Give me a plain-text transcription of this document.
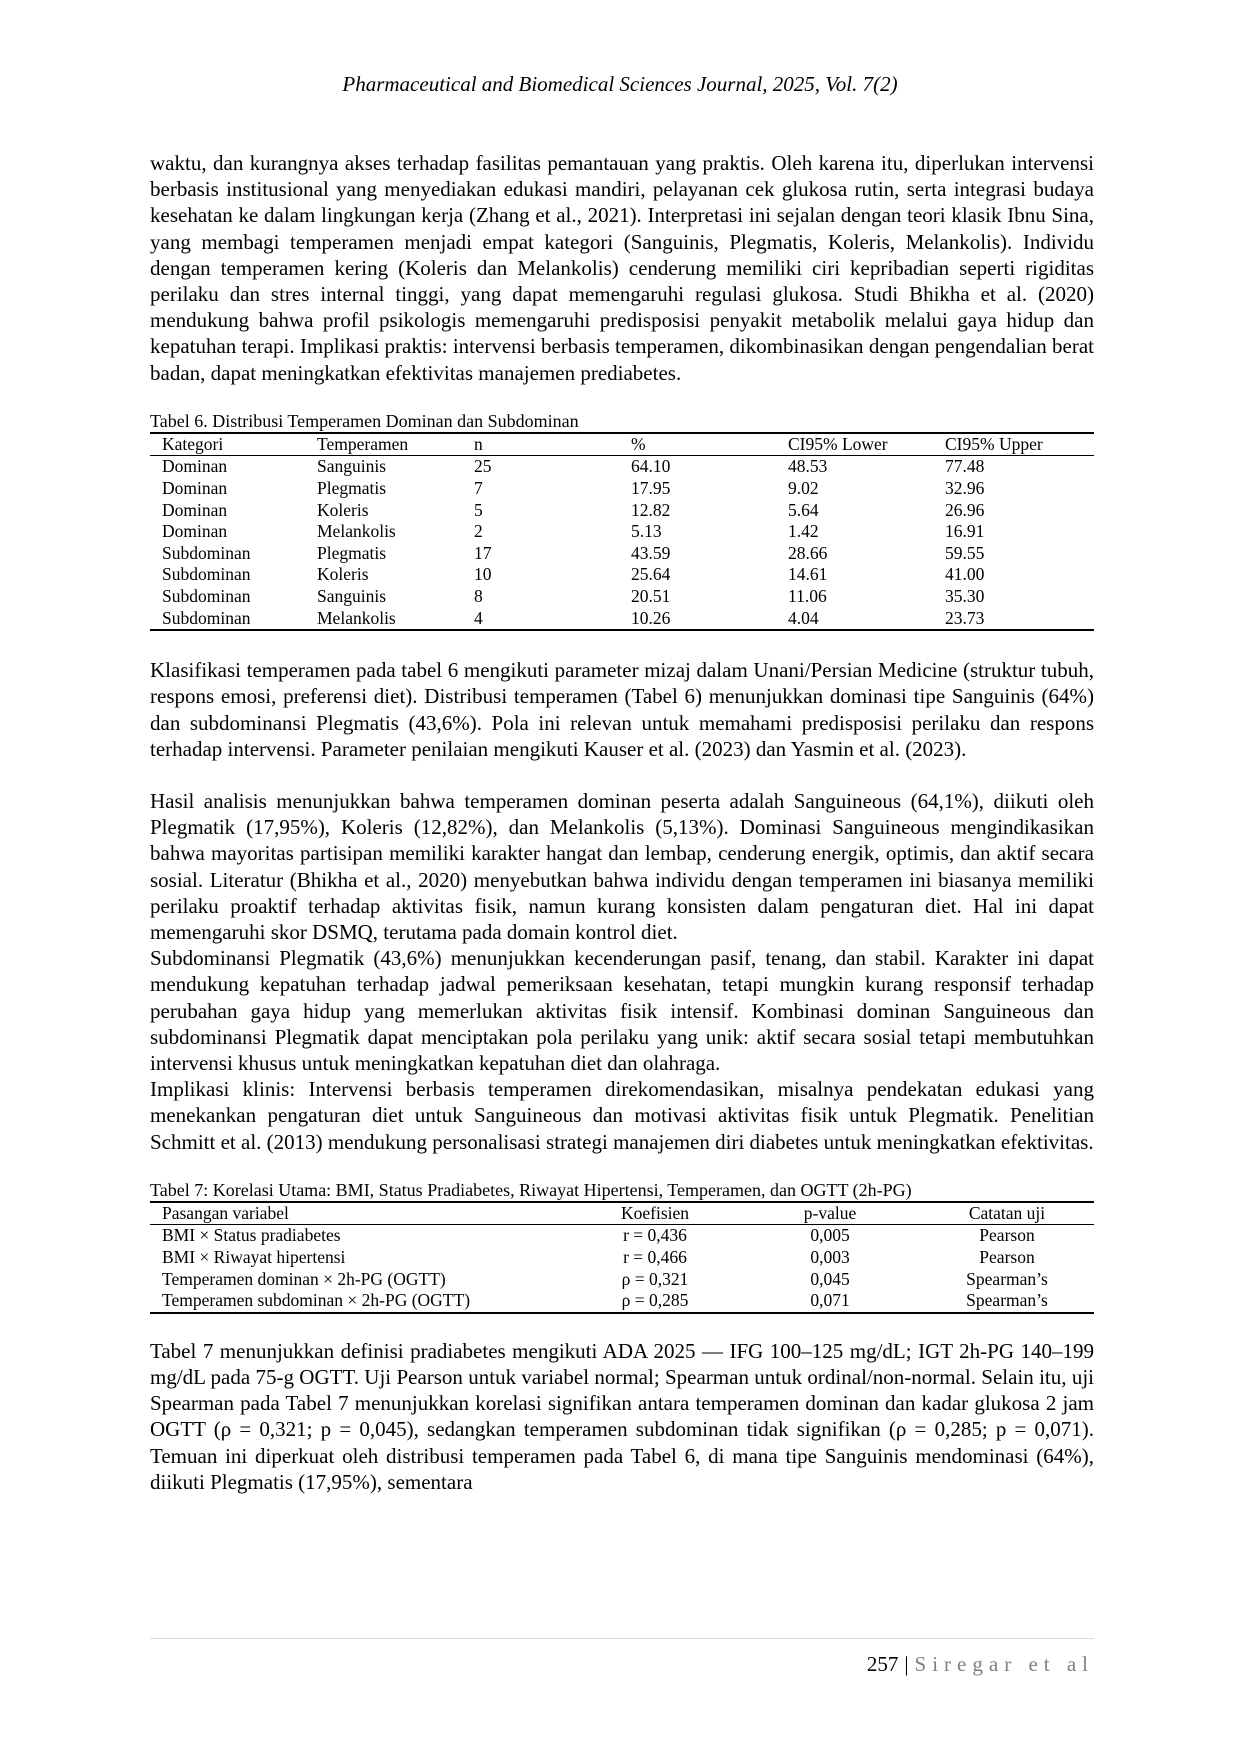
Pharmaceutical and Biomedical Sciences Journal, 2025, Vol. 7(2)

waktu, dan kurangnya akses terhadap fasilitas pemantauan yang praktis. Oleh karena itu, diperlukan intervensi berbasis institusional yang menyediakan edukasi mandiri, pelayanan cek glukosa rutin, serta integrasi budaya kesehatan ke dalam lingkungan kerja (Zhang et al., 2021). Interpretasi ini sejalan dengan teori klasik Ibnu Sina, yang membagi temperamen menjadi empat kategori (Sanguinis, Plegmatis, Koleris, Melankolis). Individu dengan temperamen kering (Koleris dan Melankolis) cenderung memiliki ciri kepribadian seperti rigiditas perilaku dan stres internal tinggi, yang dapat memengaruhi regulasi glukosa. Studi Bhikha et al. (2020) mendukung bahwa profil psikologis memengaruhi predisposisi penyakit metabolik melalui gaya hidup dan kepatuhan terapi. Implikasi praktis: intervensi berbasis temperamen, dikombinasikan dengan pengendalian berat badan, dapat meningkatkan efektivitas manajemen prediabetes.

Tabel 6. Distribusi Temperamen Dominan dan Subdominan

Kategori	Temperamen	n	%	CI95% Lower	CI95% Upper
Dominan	Sanguinis	25	64.10	48.53	77.48
Dominan	Plegmatis	7	17.95	9.02	32.96
Dominan	Koleris	5	12.82	5.64	26.96
Dominan	Melankolis	2	5.13	1.42	16.91
Subdominan	Plegmatis	17	43.59	28.66	59.55
Subdominan	Koleris	10	25.64	14.61	41.00
Subdominan	Sanguinis	8	20.51	11.06	35.30
Subdominan	Melankolis	4	10.26	4.04	23.73

Klasifikasi temperamen pada tabel 6 mengikuti parameter mizaj dalam Unani/Persian Medicine (struktur tubuh, respons emosi, preferensi diet). Distribusi temperamen (Tabel 6) menunjukkan dominasi tipe Sanguinis (64%) dan subdominansi Plegmatis (43,6%). Pola ini relevan untuk memahami predisposisi perilaku dan respons terhadap intervensi. Parameter penilaian mengikuti Kauser et al. (2023) dan Yasmin et al. (2023).

Hasil analisis menunjukkan bahwa temperamen dominan peserta adalah Sanguineous (64,1%), diikuti oleh Plegmatik (17,95%), Koleris (12,82%), dan Melankolis (5,13%). Dominasi Sanguineous mengindikasikan bahwa mayoritas partisipan memiliki karakter hangat dan lembap, cenderung energik, optimis, dan aktif secara sosial. Literatur (Bhikha et al., 2020) menyebutkan bahwa individu dengan temperamen ini biasanya memiliki perilaku proaktif terhadap aktivitas fisik, namun kurang konsisten dalam pengaturan diet. Hal ini dapat memengaruhi skor DSMQ, terutama pada domain kontrol diet.

Subdominansi Plegmatik (43,6%) menunjukkan kecenderungan pasif, tenang, dan stabil. Karakter ini dapat mendukung kepatuhan terhadap jadwal pemeriksaan kesehatan, tetapi mungkin kurang responsif terhadap perubahan gaya hidup yang memerlukan aktivitas fisik intensif. Kombinasi dominan Sanguineous dan subdominansi Plegmatik dapat menciptakan pola perilaku yang unik: aktif secara sosial tetapi membutuhkan intervensi khusus untuk meningkatkan kepatuhan diet dan olahraga.

Implikasi klinis: Intervensi berbasis temperamen direkomendasikan, misalnya pendekatan edukasi yang menekankan pengaturan diet untuk Sanguineous dan motivasi aktivitas fisik untuk Plegmatik. Penelitian Schmitt et al. (2013) mendukung personalisasi strategi manajemen diri diabetes untuk meningkatkan efektivitas.

Tabel 7: Korelasi Utama: BMI, Status Pradiabetes, Riwayat Hipertensi, Temperamen, dan OGTT (2h-PG)

Pasangan variabel	Koefisien	p-value	Catatan uji
BMI × Status pradiabetes	r = 0,436	0,005	Pearson
BMI × Riwayat hipertensi	r = 0,466	0,003	Pearson
Temperamen dominan × 2h-PG (OGTT)	ρ = 0,321	0,045	Spearman’s
Temperamen subdominan × 2h-PG (OGTT)	ρ = 0,285	0,071	Spearman’s

Tabel 7 menunjukkan definisi pradiabetes mengikuti ADA 2025 — IFG 100–125 mg/dL; IGT 2h-PG 140–199 mg/dL pada 75-g OGTT. Uji Pearson untuk variabel normal; Spearman untuk ordinal/non-normal. Selain itu, uji Spearman pada Tabel 7 menunjukkan korelasi signifikan antara temperamen dominan dan kadar glukosa 2 jam OGTT (ρ = 0,321; p = 0,045), sedangkan temperamen subdominan tidak signifikan (ρ = 0,285; p = 0,071). Temuan ini diperkuat oleh distribusi temperamen pada Tabel 6, di mana tipe Sanguinis mendominasi (64%), diikuti Plegmatis (17,95%), sementara

257 | Siregar et al
